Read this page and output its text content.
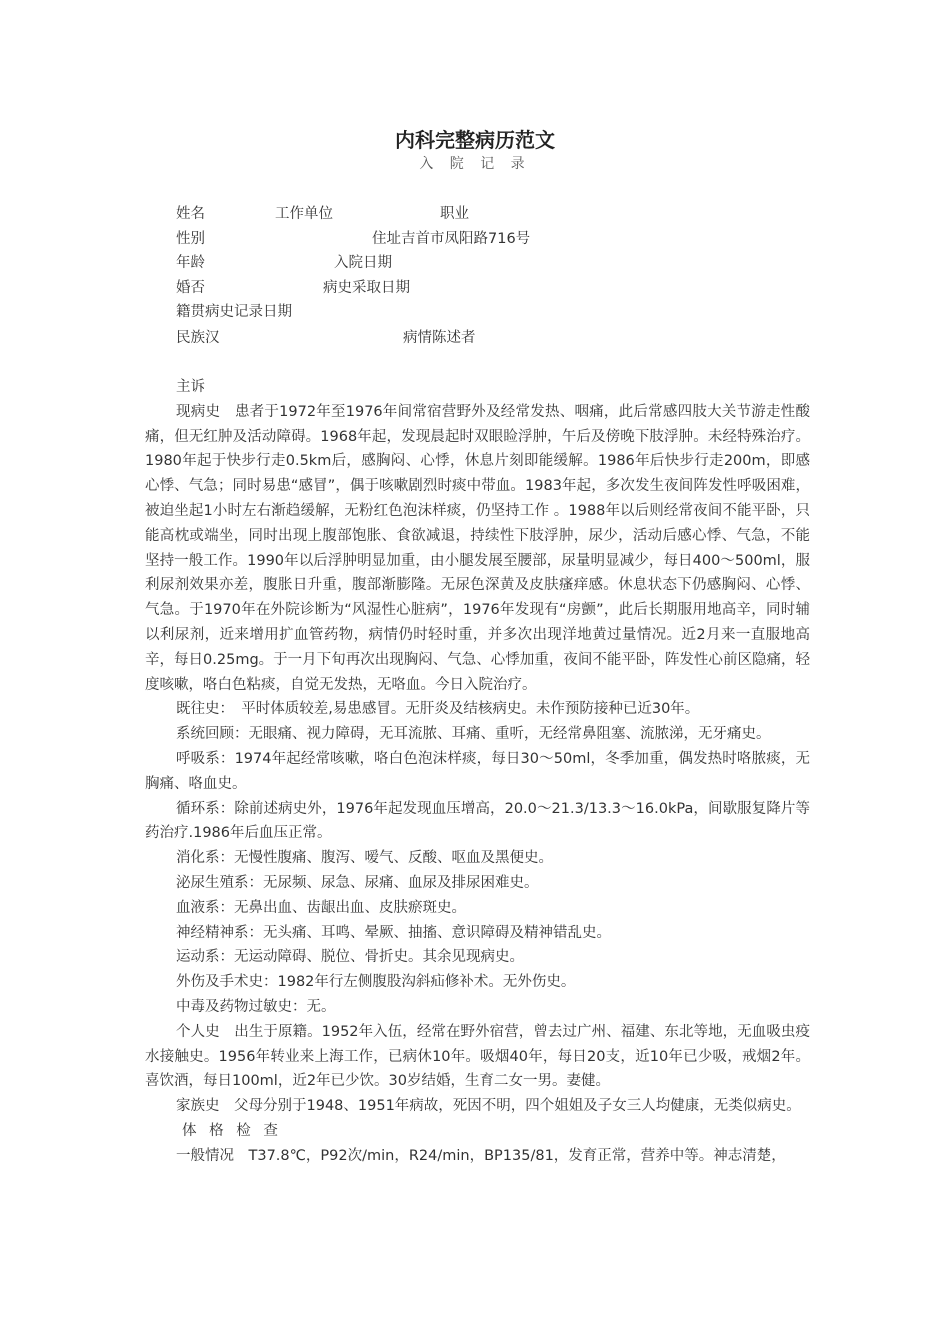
内科完整病历范文
入 院 记 录
姓名	工作单位	职业
性别	住址吉首市凤阳路716号
年龄	入院日期
婚否	病史采取日期
籍贯病史记录日期
民族汉	病情陈述者

主诉

现病史　患者于1972年至1976年间常宿营野外及经常发热、咽痛，此后常感四肢大关节游走性酸痛，但无红肿及活动障碍。1968年起，发现晨起时双眼睑浮肿，午后及傍晚下肢浮肿。未经特殊治疗。1980年起于快步行走0.5km后，感胸闷、心悸，休息片刻即能缓解。1986年后快步行走200m，即感心悸、气急；同时易患“感冒”，偶于咳嗽剧烈时痰中带血。1983年起，多次发生夜间阵发性呼吸困难，被迫坐起1小时左右渐趋缓解，无粉红色泡沫样痰，仍坚持工作 。1988年以后则经常夜间不能平卧，只能高枕或端坐，同时出现上腹部饱胀、食欲减退，持续性下肢浮肿，尿少，活动后感心悸、气急，不能坚持一般工作。1990年以后浮肿明显加重，由小腿发展至腰部，尿量明显减少，每日400～500ml，服利尿剂效果亦差，腹胀日升重，腹部渐膨隆。无尿色深黄及皮肤瘙痒感。休息状态下仍感胸闷、心悸、气急。于1970年在外院诊断为“风湿性心脏病”，1976年发现有“房颤”，此后长期服用地高辛，同时辅以利尿剂，近来增用扩血管药物，病情仍时轻时重，并多次出现洋地黄过量情况。近2月来一直服地高辛，每日0.25mg。于一月下旬再次出现胸闷、气急、心悸加重，夜间不能平卧，阵发性心前区隐痛，轻度咳嗽，咯白色粘痰，自觉无发热，无咯血。今日入院治疗。

既往史：　平时体质较差,易患感冒。无肝炎及结核病史。未作预防接种已近30年。

系统回顾：无眼痛、视力障碍，无耳流脓、耳痛、重听，无经常鼻阻塞、流脓涕，无牙痛史。

呼吸系：1974年起经常咳嗽，咯白色泡沫样痰，每日30～50ml，冬季加重，偶发热时咯脓痰，无胸痛、咯血史。

循环系：除前述病史外，1976年起发现血压增高，20.0～21.3/13.3～16.0kPa，间歇服复降片等药治疗.1986年后血压正常。

消化系：无慢性腹痛、腹泻、嗳气、反酸、呕血及黑便史。

泌尿生殖系：无尿频、尿急、尿痛、血尿及排尿困难史。

血液系：无鼻出血、齿龈出血、皮肤瘀斑史。

神经精神系：无头痛、耳鸣、晕厥、抽搐、意识障碍及精神错乱史。

运动系：无运动障碍、脱位、骨折史。其余见现病史。

外伤及手术史：1982年行左侧腹股沟斜疝修补术。无外伤史。

中毒及药物过敏史：无。

个人史　出生于原籍。1952年入伍，经常在野外宿营，曾去过广州、福建、东北等地，无血吸虫疫水接触史。1956年转业来上海工作，已病休10年。吸烟40年，每日20支，近10年已少吸，戒烟2年。喜饮酒，每日100ml，近2年已少饮。30岁结婚，生育二女一男。妻健。

家族史　父母分别于1948、1951年病故，死因不明，四个姐姐及子女三人均健康，无类似病史。

体 格 检 查

一般情况　T37.8℃，P92次/min，R24/min，BP135/81，发育正常，营养中等。神志清楚，
